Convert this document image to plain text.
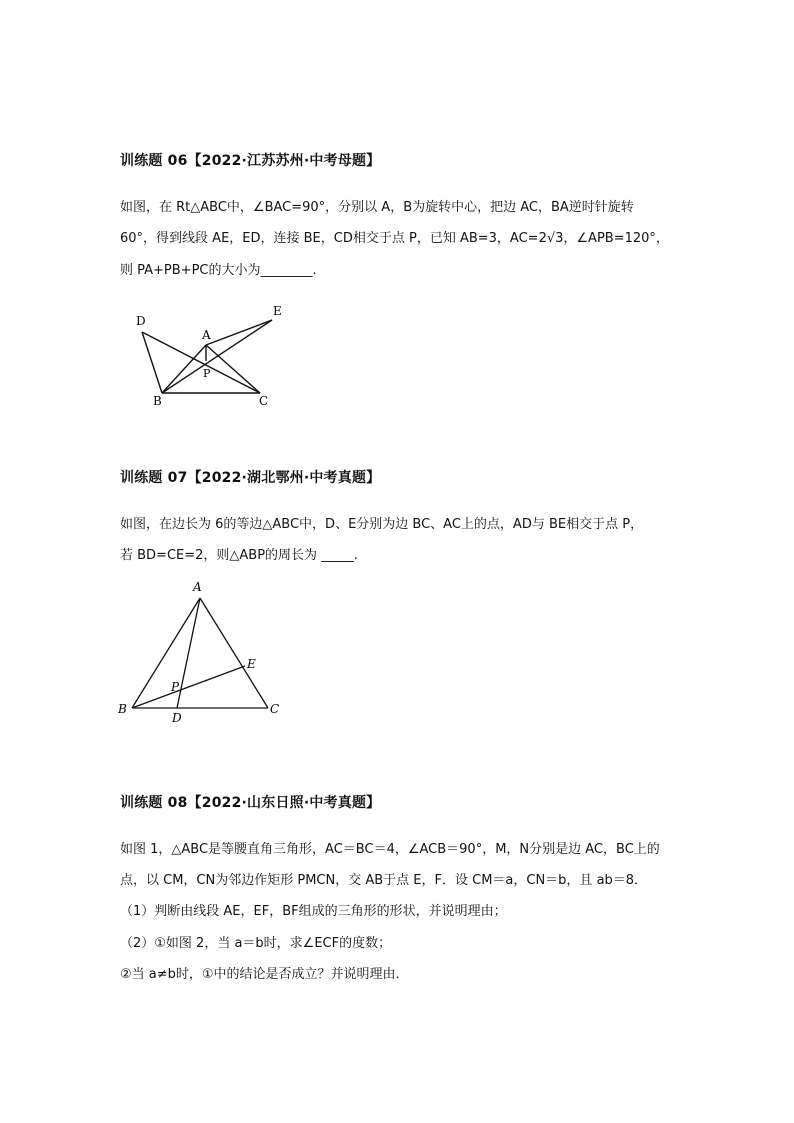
训练题 06【2022·江苏苏州·中考母题】
如图，在 Rt△ABC中，∠BAC=90°，分别以 A，B为旋转中心，把边 AC，BA逆时针旋转
60°，得到线段 AE，ED，连接 BE，CD相交于点 P，已知 AB=3，AC=2√3，∠APB=120°，
则 PA+PB+PC的大小为________.
D
A
E
P
B	C
训练题 07【2022·湖北鄂州·中考真题】
如图，在边长为 6的等边△ABC中，D、E分别为边 BC、AC上的点，AD与 BE相交于点 P，
若 BD=CE=2，则△ABP的周长为 _____.
A
E
P
B
D
C
训练题 08【2022·山东日照·中考真题】
如图 1，△ABC是等腰直角三角形，AC＝BC＝4，∠ACB＝90°，M，N分别是边 AC，BC上的
点，以 CM，CN为邻边作矩形 PMCN，交 AB于点 E，F．设 CM＝a，CN＝b，且 ab＝8．
（1）判断由线段 AE，EF，BF组成的三角形的形状，并说明理由；
（2）①如图 2，当 a＝b时，求∠ECF的度数；
②当 a≠b时，①中的结论是否成立？并说明理由．
